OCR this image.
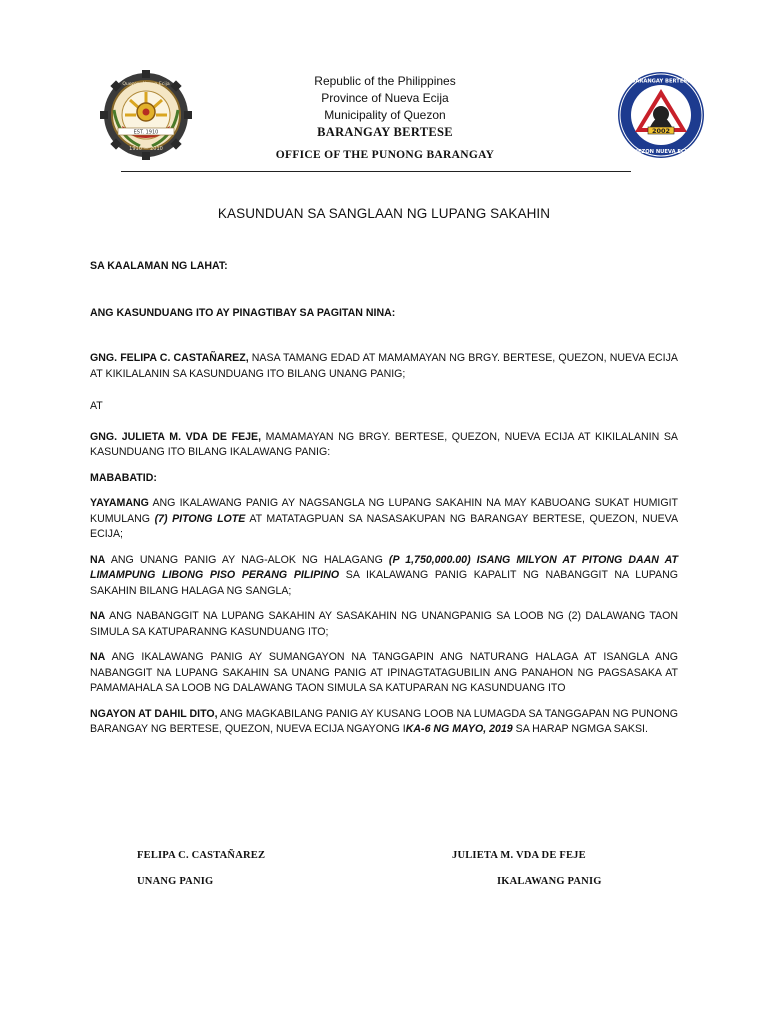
EST. 1910
1910 — 2010
Quezon, Nueva Ecija	Republic of the Philippines
Province of Nueva Ecija
Municipality of Quezon
BARANGAY BERTESE	2002
BARANGAY BERTESE
QUEZON NUEVA ECIJA
OFFICE OF THE PUNONG BARANGAY
KASUNDUAN SA SANGLAAN NG LUPANG SAKAHIN

SA KAALAMAN NG LAHAT:

ANG KASUNDUANG ITO AY PINAGTIBAY SA PAGITAN NINA:

GNG. FELIPA C. CASTAÑAREZ, NASA TAMANG EDAD AT MAMAMAYAN NG BRGY. BERTESE, QUEZON, NUEVA ECIJA AT KIKILALANIN SA KASUNDUANG ITO BILANG UNANG PANIG;

AT

GNG. JULIETA M. VDA DE FEJE, MAMAMAYAN NG BRGY. BERTESE, QUEZON, NUEVA ECIJA AT KIKILALANIN SA KASUNDUANG ITO BILANG IKALAWANG PANIG:

MABABATID:

YAYAMANG ANG IKALAWANG PANIG AY NAGSANGLA NG LUPANG SAKAHIN NA MAY KABUOANG SUKAT HUMIGIT KUMULANG (7) PITONG LOTE AT MATATAGPUAN SA NASASAKUPAN NG BARANGAY BERTESE, QUEZON, NUEVA ECIJA;

NA ANG UNANG PANIG AY NAG-ALOK NG HALAGANG (P 1,750,000.00) ISANG MILYON AT PITONG DAAN AT LIMAMPUNG LIBONG PISO PERANG PILIPINO SA IKALAWANG PANIG KAPALIT NG NABANGGIT NA LUPANG SAKAHIN BILANG HALAGA NG SANGLA;

NA ANG NABANGGIT NA LUPANG SAKAHIN AY SASAKAHIN NG UNANGPANIG SA LOOB NG (2) DALAWANG TAON SIMULA SA KATUPARANNG KASUNDUANG ITO;

NA ANG IKALAWANG PANIG AY SUMANGAYON NA TANGGAPIN ANG NATURANG HALAGA AT ISANGLA ANG NABANGGIT NA LUPANG SAKAHIN SA UNANG PANIG AT IPINAGTATAGUBILIN ANG PANAHON NG PAGSASAKA AT PAMAMAHALA SA LOOB NG DALAWANG TAON SIMULA SA KATUPARAN NG KASUNDUANG ITO

NGAYON AT DAHIL DITO, ANG MAGKABILANG PANIG AY KUSANG LOOB NA LUMAGDA SA TANGGAPAN NG PUNONG BARANGAY NG BERTESE, QUEZON, NUEVA ECIJA NGAYONG IKA-6 NG MAYO, 2019 SA HARAP NGMGA SAKSI.

FELIPA C. CASTAÑAREZ
UNANG PANIG
JULIETA M. VDA DE FEJE
IKALAWANG PANIG
